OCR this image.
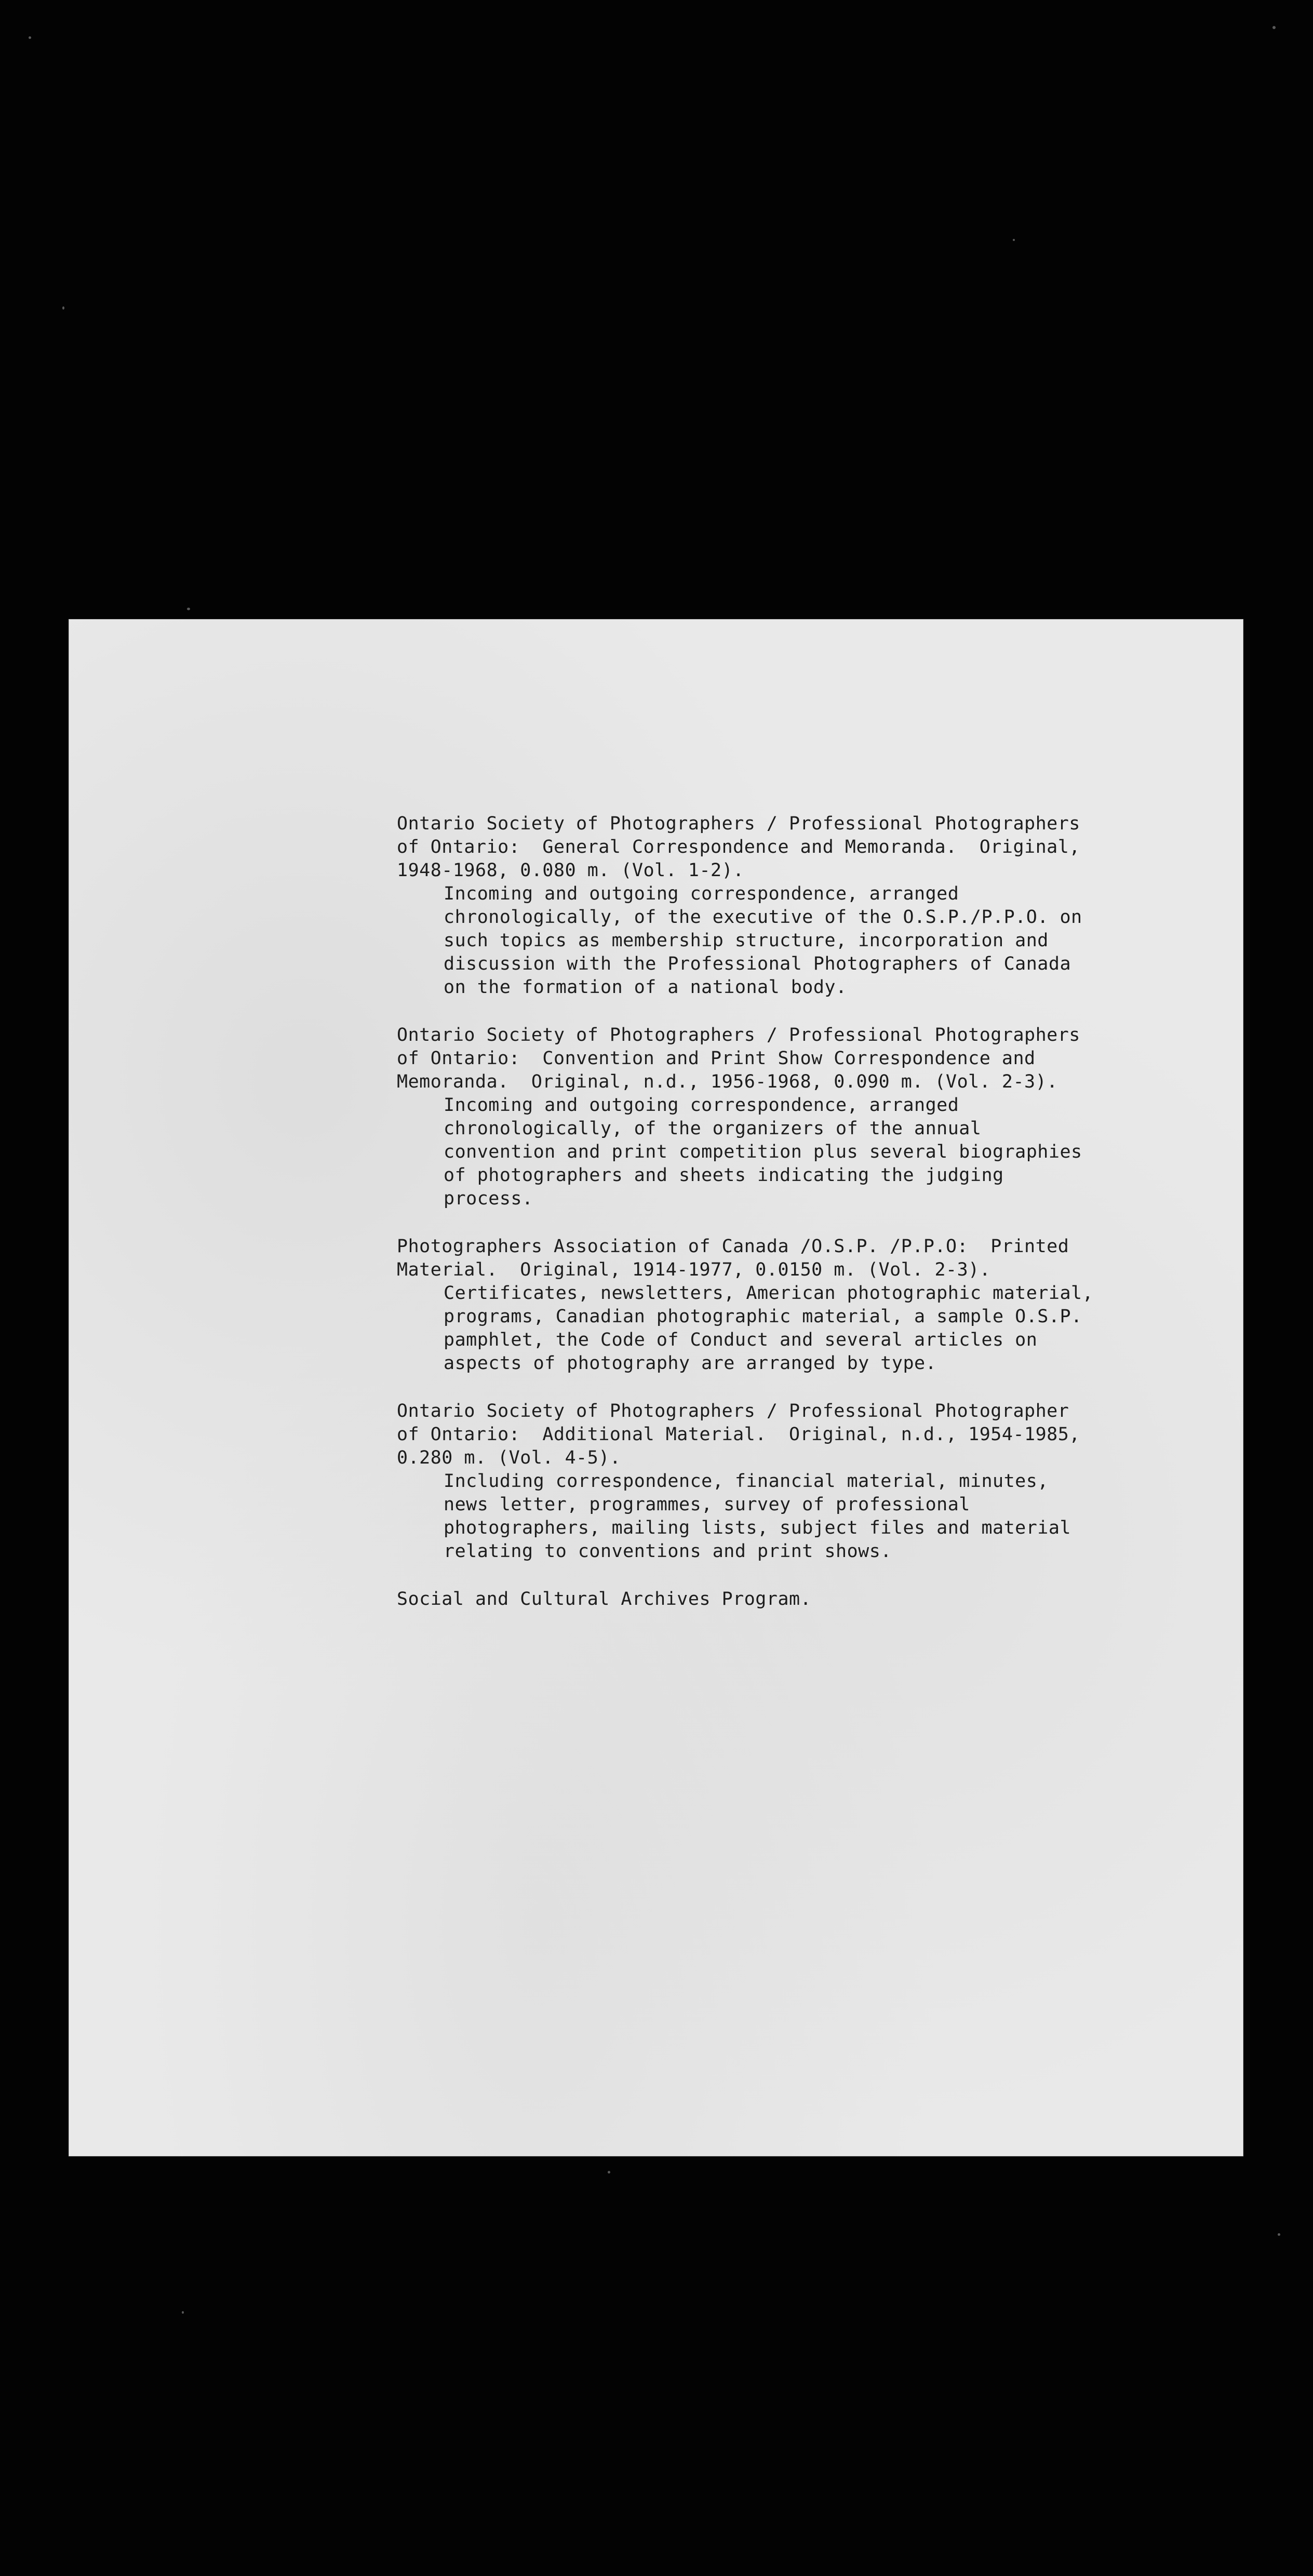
Ontario Society of Photographers / Professional Photographers
of Ontario:  General Correspondence and Memoranda.  Original,
1948-1968, 0.080 m. (Vol. 1-2).
Incoming and outgoing correspondence, arranged
chronologically, of the executive of the O.S.P./P.P.O. on
such topics as membership structure, incorporation and
discussion with the Professional Photographers of Canada
on the formation of a national body.
Ontario Society of Photographers / Professional Photographers
of Ontario:  Convention and Print Show Correspondence and
Memoranda.  Original, n.d., 1956-1968, 0.090 m. (Vol. 2-3).
Incoming and outgoing correspondence, arranged
chronologically, of the organizers of the annual
convention and print competition plus several biographies
of photographers and sheets indicating the judging
process.
Photographers Association of Canada /O.S.P. /P.P.O:  Printed
Material.  Original, 1914-1977, 0.0150 m. (Vol. 2-3).
Certificates, newsletters, American photographic material,
programs, Canadian photographic material, a sample O.S.P.
pamphlet, the Code of Conduct and several articles on
aspects of photography are arranged by type.
Ontario Society of Photographers / Professional Photographer
of Ontario:  Additional Material.  Original, n.d., 1954-1985,
0.280 m. (Vol. 4-5).
Including correspondence, financial material, minutes,
news letter, programmes, survey of professional
photographers, mailing lists, subject files and material
relating to conventions and print shows.
Social and Cultural Archives Program.
